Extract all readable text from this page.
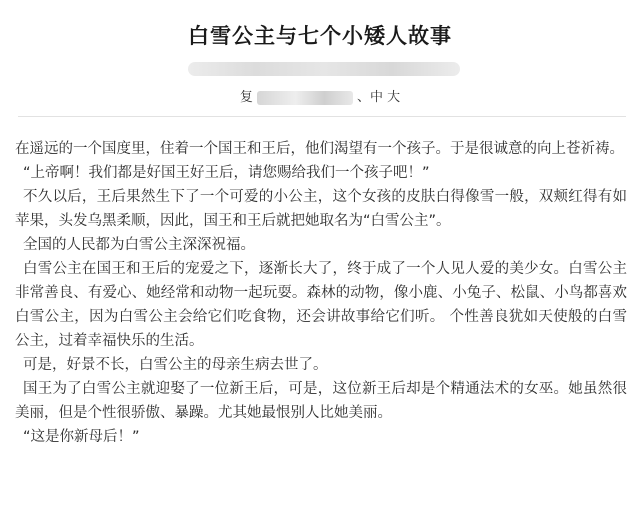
白雪公主与七个小矮人故事
复	、中 大

在遥远的一个国度里，住着一个国王和王后，他们渴望有一个孩子。于是很诚意的向上苍祈祷。

“上帝啊！我们都是好国王好王后，请您赐给我们一个孩子吧！”

不久以后，王后果然生下了一个可爱的小公主，这个女孩的皮肤白得像雪一般，双颊红得有如苹果，头发乌黑柔顺，因此，国王和王后就把她取名为“白雪公主”。

全国的人民都为白雪公主深深祝福。

白雪公主在国王和王后的宠爱之下，逐渐长大了，终于成了一个人见人爱的美少女。白雪公主非常善良、有爱心、她经常和动物一起玩耍。森林的动物，像小鹿、小兔子、松鼠、小鸟都喜欢白雪公主，因为白雪公主会给它们吃食物，还会讲故事给它们听。 个性善良犹如天使般的白雪公主，过着幸福快乐的生活。

可是，好景不长，白雪公主的母亲生病去世了。

国王为了白雪公主就迎娶了一位新王后，可是，这位新王后却是个精通法术的女巫。她虽然很美丽，但是个性很骄傲、暴躁。尤其她最恨别人比她美丽。

“这是你新母后！”
